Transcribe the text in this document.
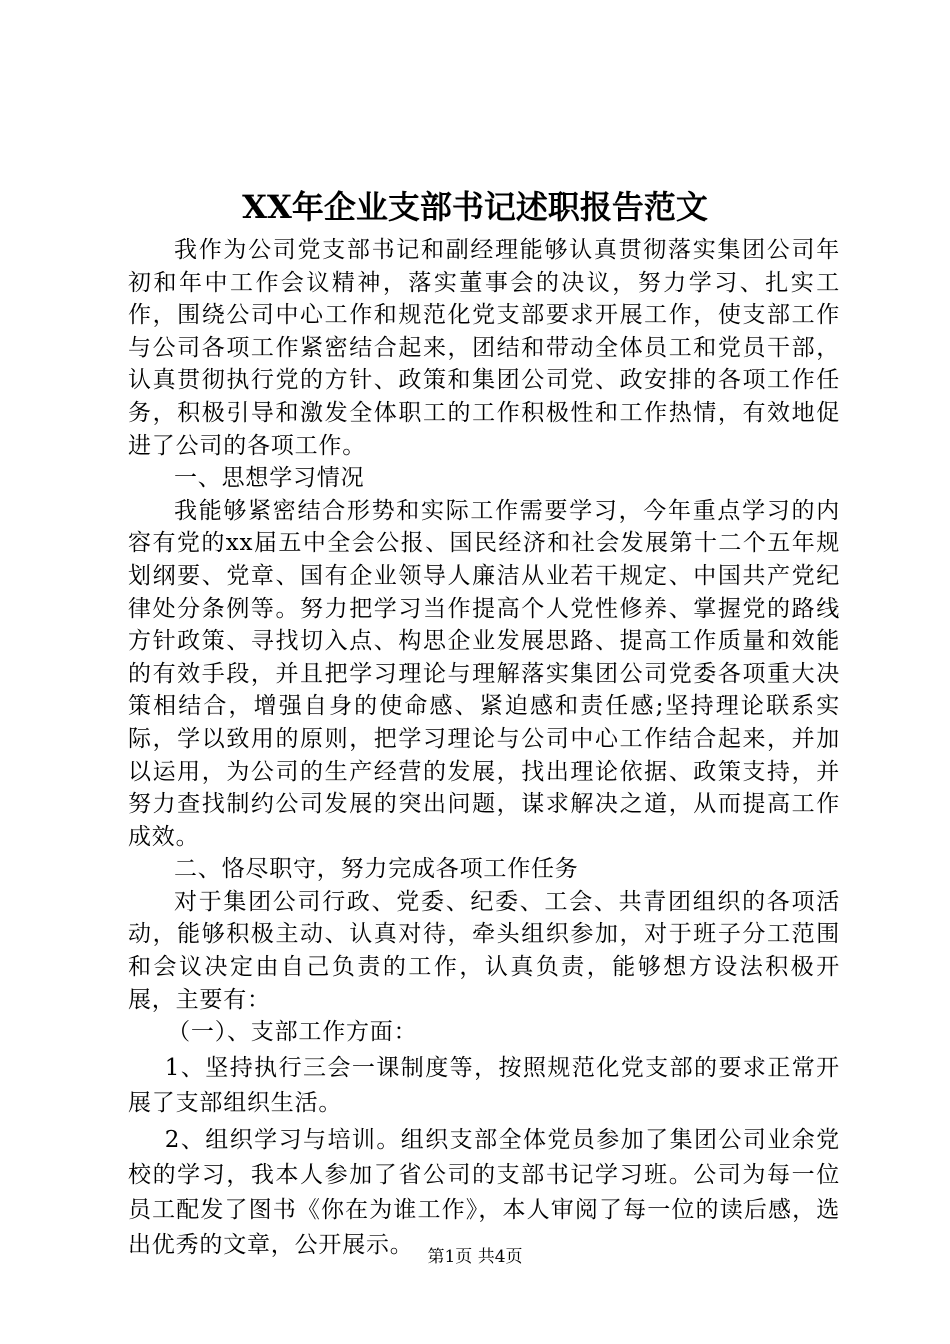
XX年企业支部书记述职报告范文

我作为公司党支部书记和副经理能够认真贯彻落实集团公司年初和年中工作会议精神，落实董事会的决议，努力学习、扎实工作，围绕公司中心工作和规范化党支部要求开展工作，使支部工作与公司各项工作紧密结合起来，团结和带动全体员工和党员干部，认真贯彻执行党的方针、政策和集团公司党、政安排的各项工作任务，积极引导和激发全体职工的工作积极性和工作热情，有效地促进了公司的各项工作。

一、思想学习情况

我能够紧密结合形势和实际工作需要学习，今年重点学习的内容有党的xx届五中全会公报、国民经济和社会发展第十二个五年规划纲要、党章、国有企业领导人廉洁从业若干规定、中国共产党纪律处分条例等。努力把学习当作提高个人党性修养、掌握党的路线方针政策、寻找切入点、构思企业发展思路、提高工作质量和效能的有效手段，并且把学习理论与理解落实集团公司党委各项重大决策相结合，增强自身的使命感、紧迫感和责任感;坚持理论联系实际，学以致用的原则，把学习理论与公司中心工作结合起来，并加以运用，为公司的生产经营的发展，找出理论依据、政策支持，并努力查找制约公司发展的突出问题，谋求解决之道，从而提高工作成效。

二、恪尽职守，努力完成各项工作任务

对于集团公司行政、党委、纪委、工会、共青团组织的各项活动，能够积极主动、认真对待，牵头组织参加，对于班子分工范围和会议决定由自己负责的工作，认真负责，能够想方设法积极开展，主要有：

（一）、支部工作方面：

1、坚持执行三会一课制度等，按照规范化党支部的要求正常开展了支部组织生活。

2、组织学习与培训。组织支部全体党员参加了集团公司业余党校的学习，我本人参加了省公司的支部书记学习班。公司为每一位员工配发了图书《你在为谁工作》，本人审阅了每一位的读后感，选出优秀的文章，公开展示。 第1页 共4页
